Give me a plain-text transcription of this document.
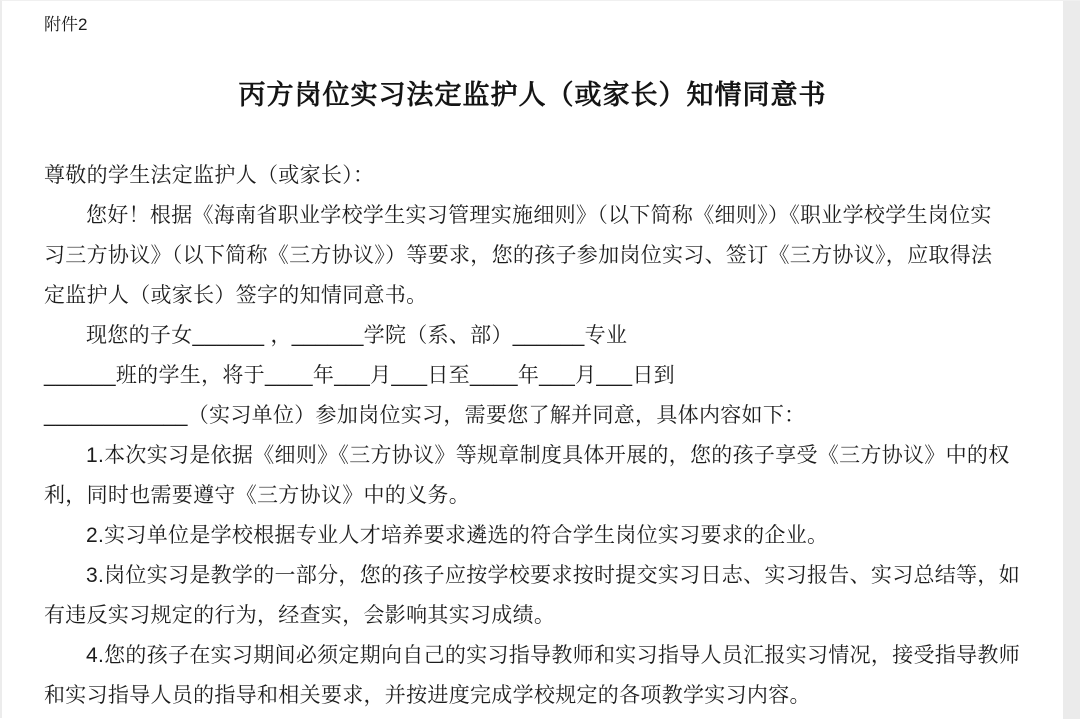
附件2
丙方岗位实习法定监护人（或家长）知情同意书
尊敬的学生法定监护人（或家长）：
您好！根据《海南省职业学校学生实习管理实施细则》（以下简称《细则》）《职业学校学生岗位实
习三方协议》（以下简称《三方协议》）等要求，您的孩子参加岗位实习、签订《三方协议》，应取得法
定监护人（或家长）签字的知情同意书。
现您的子女______ ，______学院（系、部）______专业
______班的学生，将于____年___月___日至____年___月___日到
____________（实习单位）参加岗位实习，需要您了解并同意，具体内容如下：
1.本次实习是依据《细则》《三方协议》等规章制度具体开展的，您的孩子享受《三方协议》中的权
利，同时也需要遵守《三方协议》中的义务。
2.实习单位是学校根据专业人才培养要求遴选的符合学生岗位实习要求的企业。
3.岗位实习是教学的一部分，您的孩子应按学校要求按时提交实习日志、实习报告、实习总结等，如
有违反实习规定的行为，经查实，会影响其实习成绩。
4.您的孩子在实习期间必须定期向自己的实习指导教师和实习指导人员汇报实习情况，接受指导教师
和实习指导人员的指导和相关要求，并按进度完成学校规定的各项教学实习内容。
